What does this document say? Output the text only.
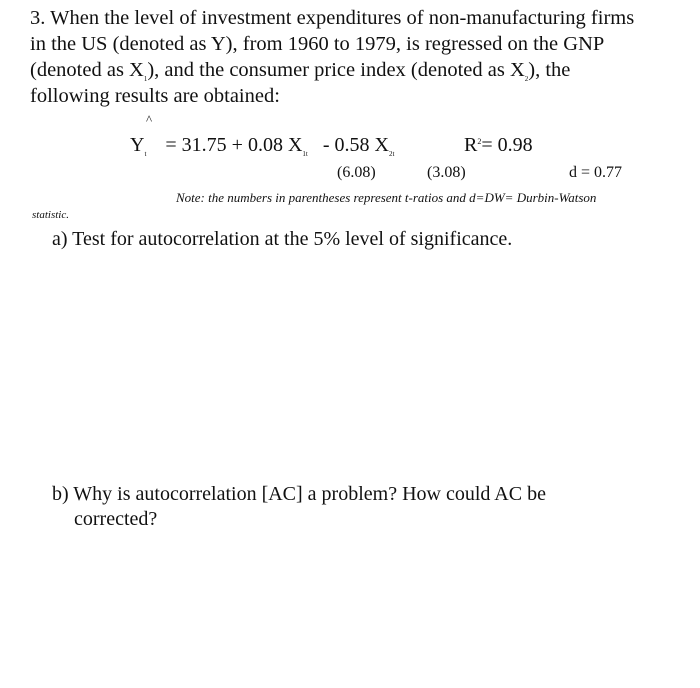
3. When the level of investment expenditures of non-manufacturing firms
in the US (denoted as Y), from 1960 to 1979, is regressed on the GNP
(denoted as $X_1$), and the consumer price index (denoted as $X_2$), the
following results are obtained:
^
$Y_t = 31.75 + 0.08$ $X_{1t} - 0.58$ $X_{2t}$	$R^2= 0.98$
(6.08)	(3.08)	d = 0.77
Note: the numbers in parentheses represent t-ratios and d=DW= Durbin-Watson
statistic.
a) Test for autocorrelation at the 5% level of significance.
b) Why is autocorrelation [AC] a problem? How could AC be
corrected?
